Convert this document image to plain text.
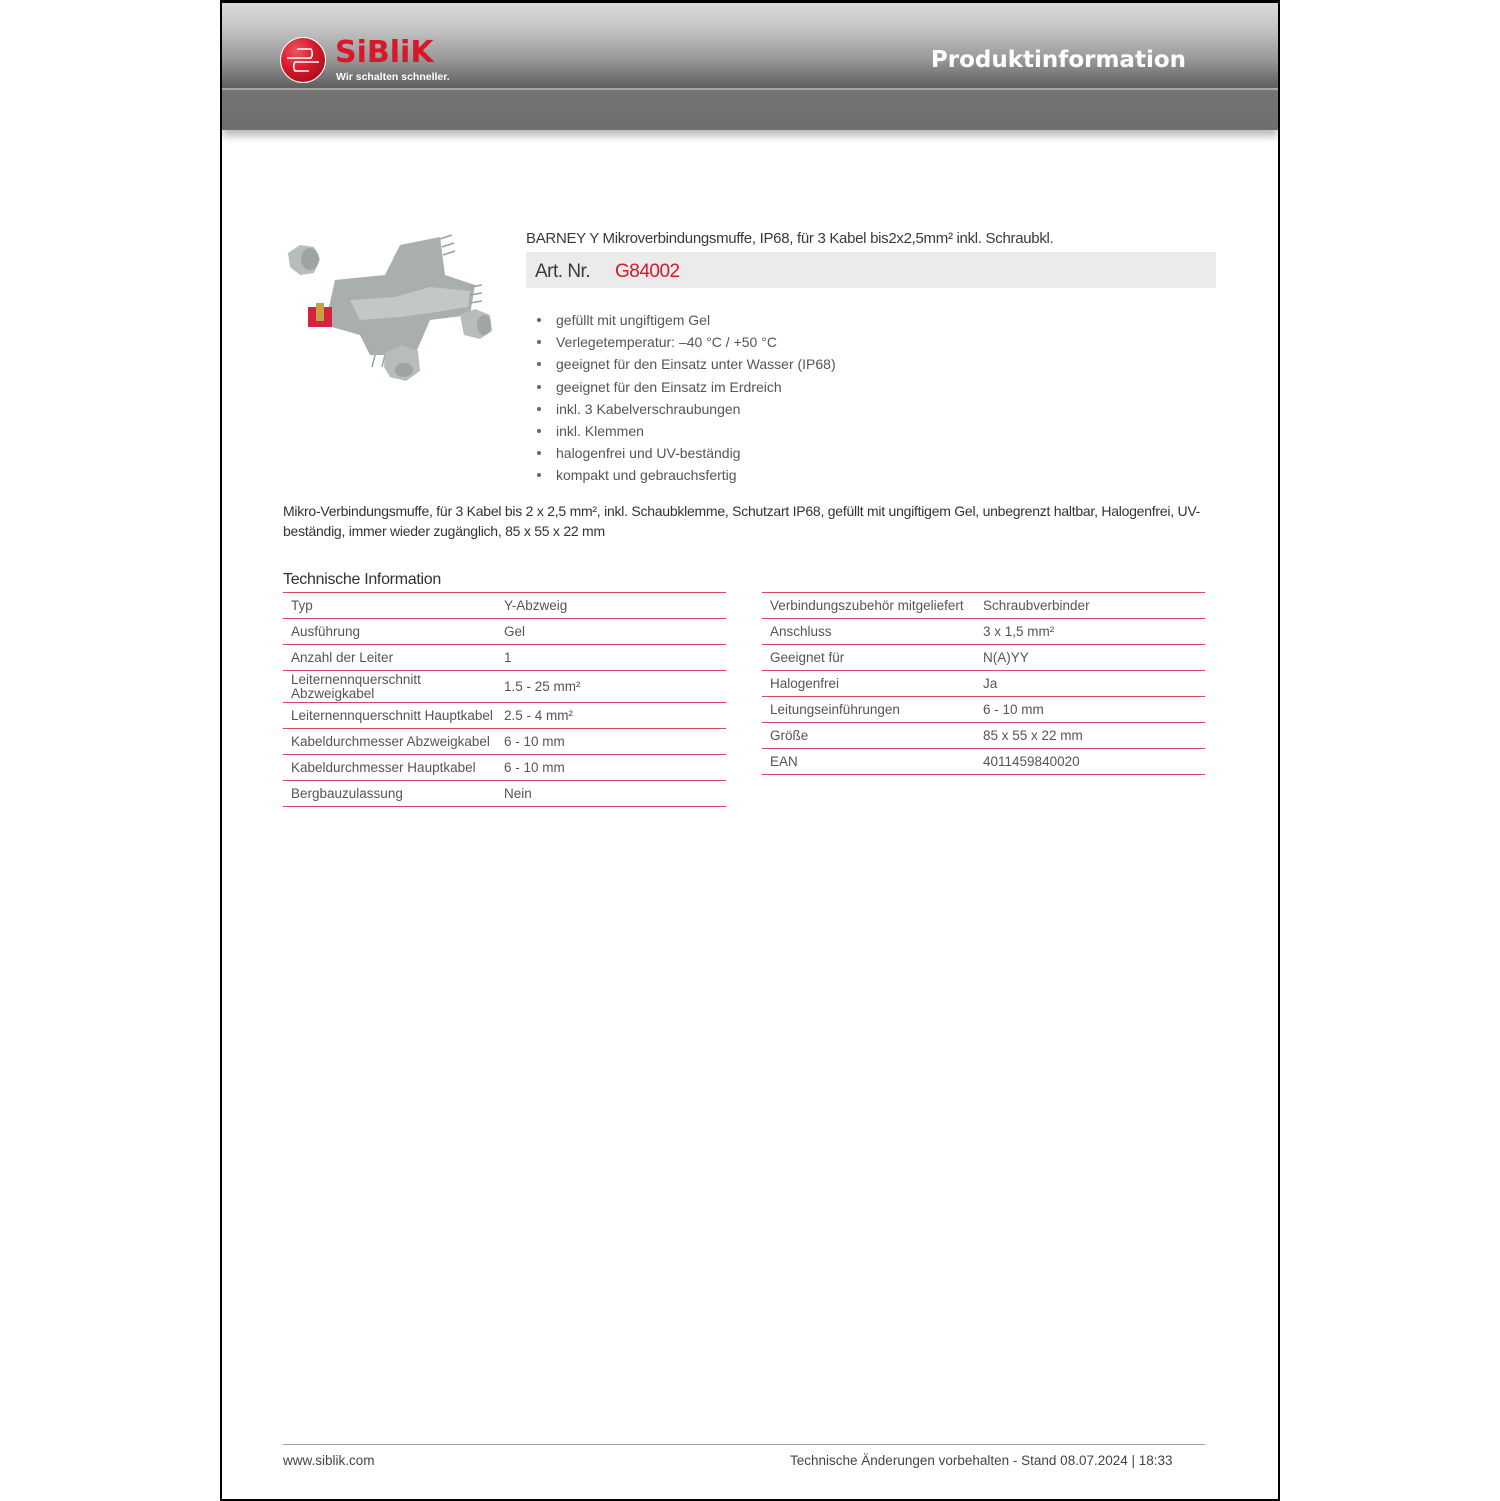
SiBliK
Wir schalten schneller.
Produktinformation
BARNEY Y Mikroverbindungsmuffe, IP68, für 3 Kabel bis2x2,5mm² inkl. Schraubkl.
Art. Nr. G84002
gefüllt mit ungiftigem Gel
Verlegetemperatur: –40 °C / +50 °C
geeignet für den Einsatz unter Wasser (IP68)
geeignet für den Einsatz im Erdreich
inkl. 3 Kabelverschraubungen
inkl. Klemmen
halogenfrei und UV-beständig
kompakt und gebrauchsfertig
Mikro-Verbindungsmuffe, für 3 Kabel bis 2 x 2,5 mm², inkl. Schaubklemme, Schutzart IP68, gefüllt mit ungiftigem Gel, unbegrenzt haltbar, Halogenfrei, UV-beständig, immer wieder zugänglich, 85 x 55 x 22 mm
Technische Information
Typ	Y-Abzweig
Ausführung	Gel
Anzahl der Leiter	1
Leiternennquerschnitt Abzweigkabel	1.5 - 25 mm²
Leiternennquerschnitt Hauptkabel	2.5 - 4 mm²
Kabeldurchmesser Abzweigkabel	6 - 10 mm
Kabeldurchmesser Hauptkabel	6 - 10 mm
Bergbauzulassung	Nein
Verbindungszubehör mitgeliefert	Schraubverbinder
Anschluss	3 x 1,5 mm²
Geeignet für	N(A)YY
Halogenfrei	Ja
Leitungseinführungen	6 - 10 mm
Größe	85 x 55 x 22 mm
EAN	4011459840020
www.siblik.com	Technische Änderungen vorbehalten - Stand 08.07.2024 | 18:33
